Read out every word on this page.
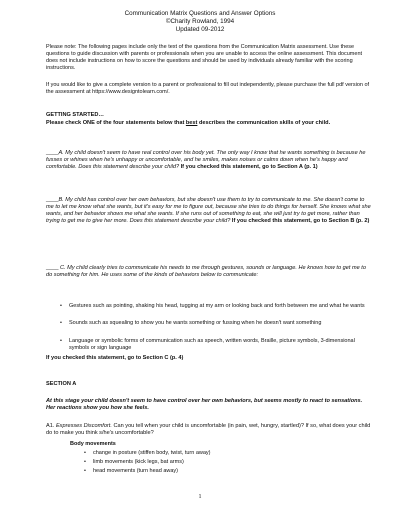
Communication Matrix Questions and Answer Options
©Charity Rowland, 1994
Updated 09-2012
Please note: The following pages include only the text of the questions from the Communication Matrix assessment. Use these questions to guide discussion with parents or professionals when you are unable to access the online assessment. This document does not include instructions on how to score the questions and should be used by individuals already familiar with the scoring instructions.
If you would like to give a complete version to a parent or professional to fill out independently, please purchase the full pdf version of the assessment at https://www.designtolearn.com/.
GETTING STARTED…
Please check ONE of the four statements below that best describes the communication skills of your child.
____A. My child doesn't seem to have real control over his body yet. The only way I know that he wants something is because he fusses or whines when he's unhappy or uncomfortable, and he smiles, makes noises or calms down when he's happy and comfortable. Does this statement describe your child? If you checked this statement, go to Section A (p. 1)
____B. My child has control over her own behaviors, but she doesn't use them to try to communicate to me. She doesn't come to me to let me know what she wants, but it's easy for me to figure out, because she tries to do things for herself. She knows what she wants, and her behavior shows me what she wants. If she runs out of something to eat, she will just try to get more, rather than trying to get me to give her more. Does this statement describe your child? If you checked this statement, go to Section B (p. 2)
____ C. My child clearly tries to communicate his needs to me through gestures, sounds or language. He knows how to get me to do something for him. He uses some of the kinds of behaviors below to communicate:
• Gestures such as pointing, shaking his head, tugging at my arm or looking back and forth between me and what he wants
• Sounds such as squealing to show you he wants something or fussing when he doesn't want something
• Language or symbolic forms of communication such as speech, written words, Braille, picture symbols, 3-dimensional symbols or sign language
If you checked this statement, go to Section C (p. 4)
SECTION A
At this stage your child doesn't seem to have control over her own behaviors, but seems mostly to react to sensations. Her reactions show you how she feels.
A1. Expresses Discomfort. Can you tell when your child is uncomfortable (in pain, wet, hungry, startled)? If so, what does your child do to make you think s/he's uncomfortable?
Body movements
• change in posture (stiffen body, twist, turn away)
• limb movements (kick legs, bat arms)
• head movements (turn head away)
1
